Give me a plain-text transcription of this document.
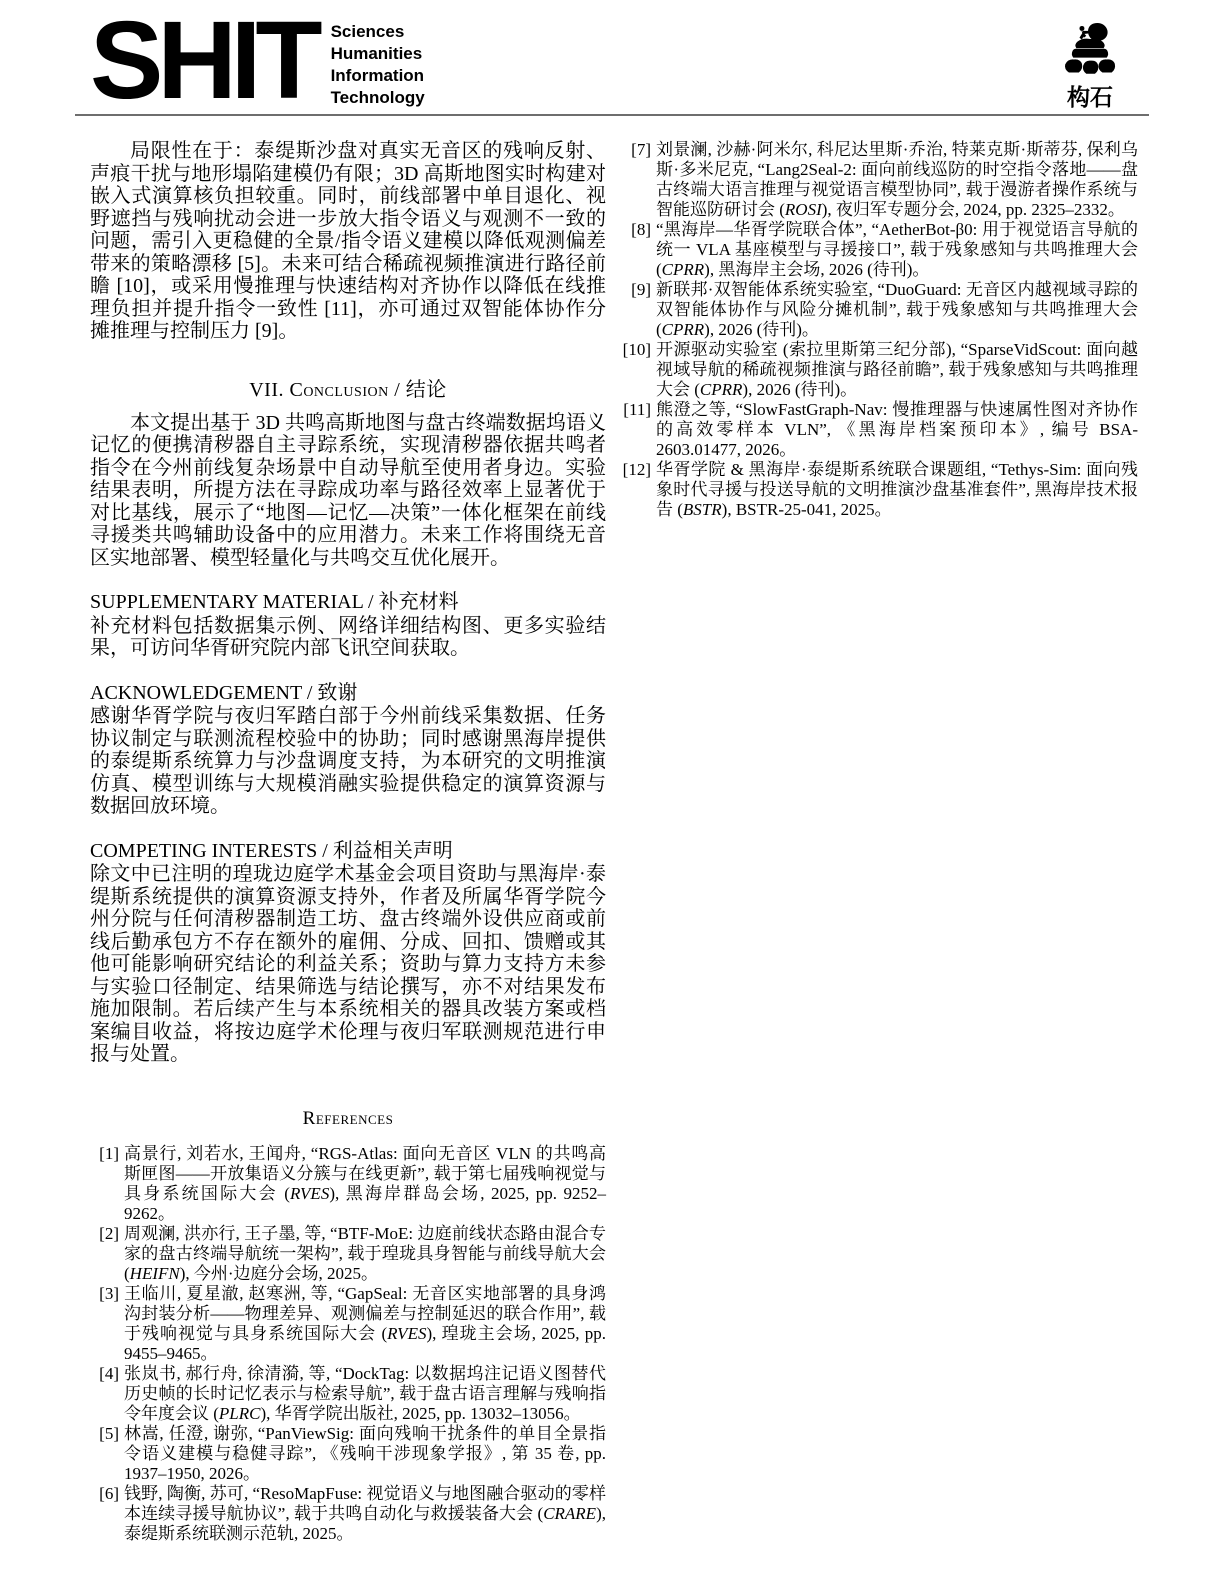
SHIT Sciences
Humanities
Information
Technology	构石

局限性在于：泰缇斯沙盘对真实无音区的残响反射、声痕干扰与地形塌陷建模仍有限；3D 高斯地图实时构建对嵌入式演算核负担较重。同时，前线部署中单目退化、视野遮挡与残响扰动会进一步放大指令语义与观测不一致的问题，需引入更稳健的全景/指令语义建模以降低观测偏差带来的策略漂移 [5]。未来可结合稀疏视频推演进行路径前瞻 [10]，或采用慢推理与快速结构对齐协作以降低在线推理负担并提升指令一致性 [11]，亦可通过双智能体协作分摊推理与控制压力 [9]。

VII. Conclusion / 结论

本文提出基于 3D 共鸣高斯地图与盘古终端数据坞语义记忆的便携清秽器自主寻踪系统，实现清秽器依据共鸣者指令在今州前线复杂场景中自动导航至使用者身边。实验结果表明，所提方法在寻踪成功率与路径效率上显著优于对比基线，展示了“地图—记忆—决策”一体化框架在前线寻援类共鸣辅助设备中的应用潜力。未来工作将围绕无音区实地部署、模型轻量化与共鸣交互优化展开。

SUPPLEMENTARY MATERIAL / 补充材料

补充材料包括数据集示例、网络详细结构图、更多实验结果，可访问华胥研究院内部飞讯空间获取。

ACKNOWLEDGEMENT / 致谢

感谢华胥学院与夜归军踏白部于今州前线采集数据、任务协议制定与联测流程校验中的协助；同时感谢黑海岸提供的泰缇斯系统算力与沙盘调度支持，为本研究的文明推演仿真、模型训练与大规模消融实验提供稳定的演算资源与数据回放环境。

COMPETING INTERESTS / 利益相关声明

除文中已注明的瑝珑边庭学术基金会项目资助与黑海岸·泰缇斯系统提供的演算资源支持外，作者及所属华胥学院今州分院与任何清秽器制造工坊、盘古终端外设供应商或前线后勤承包方不存在额外的雇佣、分成、回扣、馈赠或其他可能影响研究结论的利益关系；资助与算力支持方未参与实验口径制定、结果筛选与结论撰写，亦不对结果发布施加限制。若后续产生与本系统相关的器具改装方案或档案编目收益，将按边庭学术伦理与夜归军联测规范进行申报与处置。

References
[1] 高景行, 刘若水, 王闻舟, “RGS-Atlas: 面向无音区 VLN 的共鸣高斯匣图——开放集语义分簇与在线更新”, 载于第七届残响视觉与具身系统国际大会 (RVES), 黑海岸群岛会场, 2025, pp. 9252–9262。
[2] 周观澜, 洪亦行, 王子墨, 等, “BTF-MoE: 边庭前线状态路由混合专家的盘古终端导航统一架构”, 载于瑝珑具身智能与前线导航大会 (HEIFN), 今州·边庭分会场, 2025。
[3] 王临川, 夏星澈, 赵寒洲, 等, “GapSeal: 无音区实地部署的具身鸿沟封装分析——物理差异、观测偏差与控制延迟的联合作用”, 载于残响视觉与具身系统国际大会 (RVES), 瑝珑主会场, 2025, pp. 9455–9465。
[4] 张岚书, 郝行舟, 徐清漪, 等, “DockTag: 以数据坞注记语义图替代历史帧的长时记忆表示与检索导航”, 载于盘古语言理解与残响指令年度会议 (PLRC), 华胥学院出版社, 2025, pp. 13032–13056。
[5] 林嵩, 任澄, 谢弥, “PanViewSig: 面向残响干扰条件的单目全景指令语义建模与稳健寻踪”, 《残响干涉现象学报》, 第 35 卷, pp. 1937–1950, 2026。
[6] 钱野, 陶衡, 苏可, “ResoMapFuse: 视觉语义与地图融合驱动的零样本连续寻援导航协议”, 载于共鸣自动化与救援装备大会 (CRARE), 泰缇斯系统联测示范轨, 2025。
[7] 刘景澜, 沙赫·阿米尔, 科尼达里斯·乔治, 特莱克斯·斯蒂芬, 保利乌斯·多米尼克, “Lang2Seal-2: 面向前线巡防的时空指令落地——盘古终端大语言推理与视觉语言模型协同”, 载于漫游者操作系统与智能巡防研讨会 (ROSI), 夜归军专题分会, 2024, pp. 2325–2332。
[8] “黑海岸—华胥学院联合体”, “AetherBot-β0: 用于视觉语言导航的统一 VLA 基座模型与寻援接口”, 载于残象感知与共鸣推理大会 (CPRR), 黑海岸主会场, 2026 (待刊)。
[9] 新联邦·双智能体系统实验室, “DuoGuard: 无音区内越视域寻踪的双智能体协作与风险分摊机制”, 载于残象感知与共鸣推理大会 (CPRR), 2026 (待刊)。
[10] 开源驱动实验室 (索拉里斯第三纪分部), “SparseVidScout: 面向越视域导航的稀疏视频推演与路径前瞻”, 载于残象感知与共鸣推理大会 (CPRR), 2026 (待刊)。
[11] 熊澄之等, “SlowFastGraph-Nav: 慢推理器与快速属性图对齐协作的高效零样本 VLN”, 《黑海岸档案预印本》, 编号 BSA-2603.01477, 2026。
[12] 华胥学院 & 黑海岸·泰缇斯系统联合课题组, “Tethys-Sim: 面向残象时代寻援与投送导航的文明推演沙盘基准套件”, 黑海岸技术报告 (BSTR), BSTR-25-041, 2025。
